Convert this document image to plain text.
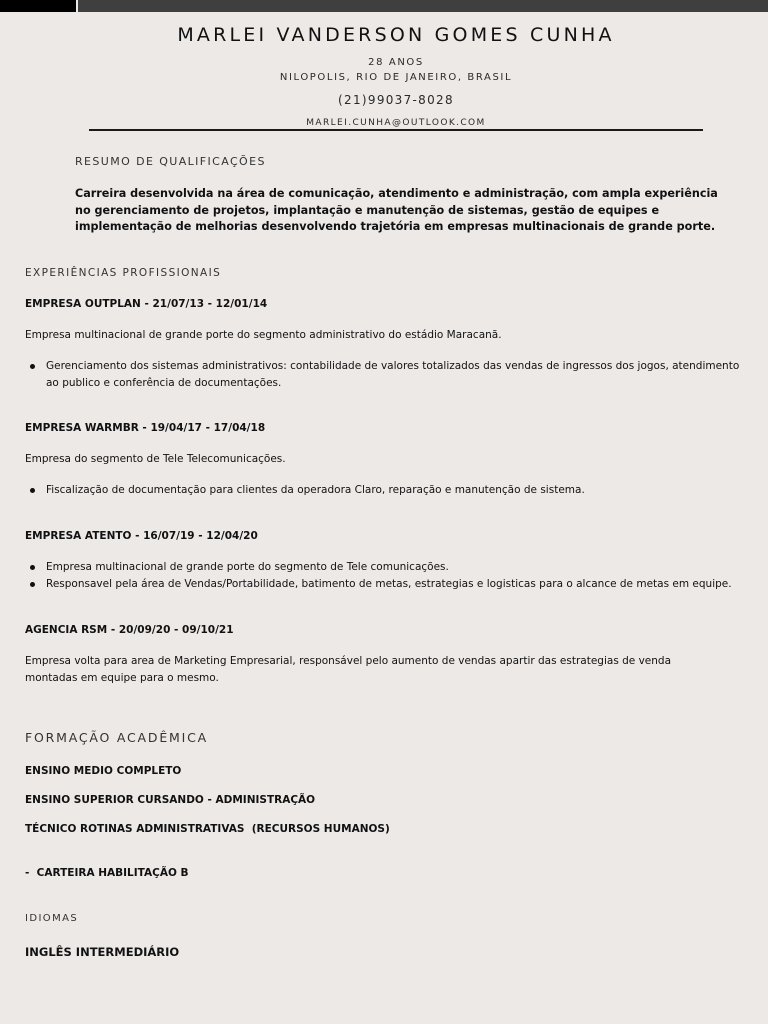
MARLEI VANDERSON GOMES CUNHA
28 ANOS
NILOPOLIS, RIO DE JANEIRO, BRASIL
(21)99037-8028
MARLEI.CUNHA@OUTLOOK.COM
RESUMO DE QUALIFICAÇÕES
Carreira desenvolvida na área de comunicação, atendimento e administração, com ampla experiência
no gerenciamento de projetos, implantação e manutenção de sistemas, gestão de equipes e
implementação de melhorias desenvolvendo trajetória em empresas multinacionais de grande porte.
EXPERIÊNCIAS PROFISSIONAIS
EMPRESA OUTPLAN - 21/07/13 - 12/01/14
Empresa multinacional de grande porte do segmento administrativo do estádio Maracanã.
Gerenciamento dos sistemas administrativos: contabilidade de valores totalizados das vendas de ingressos dos jogos, atendimento ao publico e conferência de documentações.
EMPRESA WARMBR - 19/04/17 - 17/04/18
Empresa do segmento de Tele Telecomunicações.
Fiscalização de documentação para clientes da operadora Claro, reparação e manutenção de sistema.
EMPRESA ATENTO - 16/07/19 - 12/04/20
Empresa multinacional de grande porte do segmento de Tele comunicações.
Responsavel pela área de Vendas/Portabilidade, batimento de metas, estrategias e logisticas para o alcance de metas em equipe.
AGENCIA RSM - 20/09/20 - 09/10/21
Empresa volta para area de Marketing Empresarial, responsável pelo aumento de vendas apartir das estrategias de venda montadas em equipe para o mesmo.
FORMAÇÃO ACADÊMICA
ENSINO MEDIO COMPLETO
ENSINO SUPERIOR CURSANDO - ADMINISTRAÇÃO
TÉCNICO ROTINAS ADMINISTRATIVAS  (RECURSOS HUMANOS)
-  CARTEIRA HABILITAÇÃO B
IDIOMAS
INGLÊS INTERMEDIÁRIO
